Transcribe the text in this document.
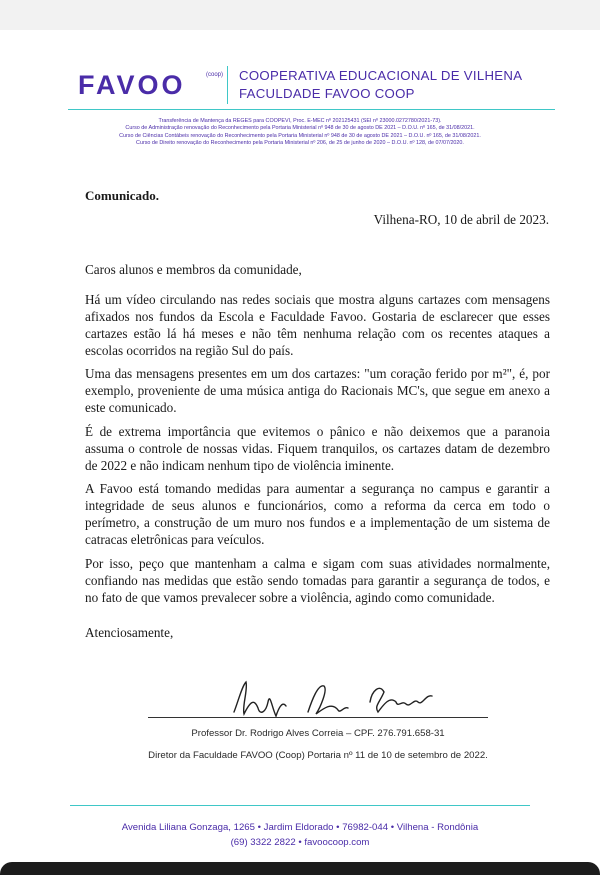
FAVOO	(coop) COOPERATIVA EDUCACIONAL DE VILHENA
FACULDADE FAVOO COOP
Transferência de Mantença da REGES para COOPEVI, Proc. E-MEC nº 202125431 (SEI nº 23000.0272780/2021-73).
Curso de Administração renovação do Reconhecimento pela Portaria Ministerial nº 948 de 30 de agosto DE 2021 – D.O.U. nº 165, de 31/08/2021.
Curso de Ciências Contábeis renovação do Reconhecimento pela Portaria Ministerial nº 948 de 30 de agosto DE 2021 – D.O.U. nº 165, de 31/08/2021.
Curso de Direito renovação do Reconhecimento pela Portaria Ministerial nº 206, de 25 de junho de 2020 – D.O.U. nº 128, de 07/07/2020.
Comunicado.
Vilhena-RO, 10 de abril de 2023.
Caros alunos e membros da comunidade,

Há um vídeo circulando nas redes sociais que mostra alguns cartazes com mensagens afixados nos fundos da Escola e Faculdade Favoo. Gostaria de esclarecer que esses cartazes estão lá há meses e não têm nenhuma relação com os recentes ataques a escolas ocorridos na região Sul do país.

Uma das mensagens presentes em um dos cartazes: "um coração ferido por m²", é, por exemplo, proveniente de uma música antiga do Racionais MC's, que segue em anexo a este comunicado.

É de extrema importância que evitemos o pânico e não deixemos que a paranoia assuma o controle de nossas vidas. Fiquem tranquilos, os cartazes datam de dezembro de 2022 e não indicam nenhum tipo de violência iminente.

A Favoo está tomando medidas para aumentar a segurança no campus e garantir a integridade de seus alunos e funcionários, como a reforma da cerca em todo o perímetro, a construção de um muro nos fundos e a implementação de um sistema de catracas eletrônicas para veículos.

Por isso, peço que mantenham a calma e sigam com suas atividades normalmente, confiando nas medidas que estão sendo tomadas para garantir a segurança de todos, e no fato de que vamos prevalecer sobre a violência, agindo como comunidade.

Atenciosamente,
Professor Dr. Rodrigo Alves Correia – CPF. 276.791.658-31
Diretor da Faculdade FAVOO (Coop) Portaria nº 11 de 10 de setembro de 2022.
Avenida Liliana Gonzaga, 1265 • Jardim Eldorado • 76982-044 • Vilhena - Rondônia
(69) 3322 2822 • favoocoop.com
